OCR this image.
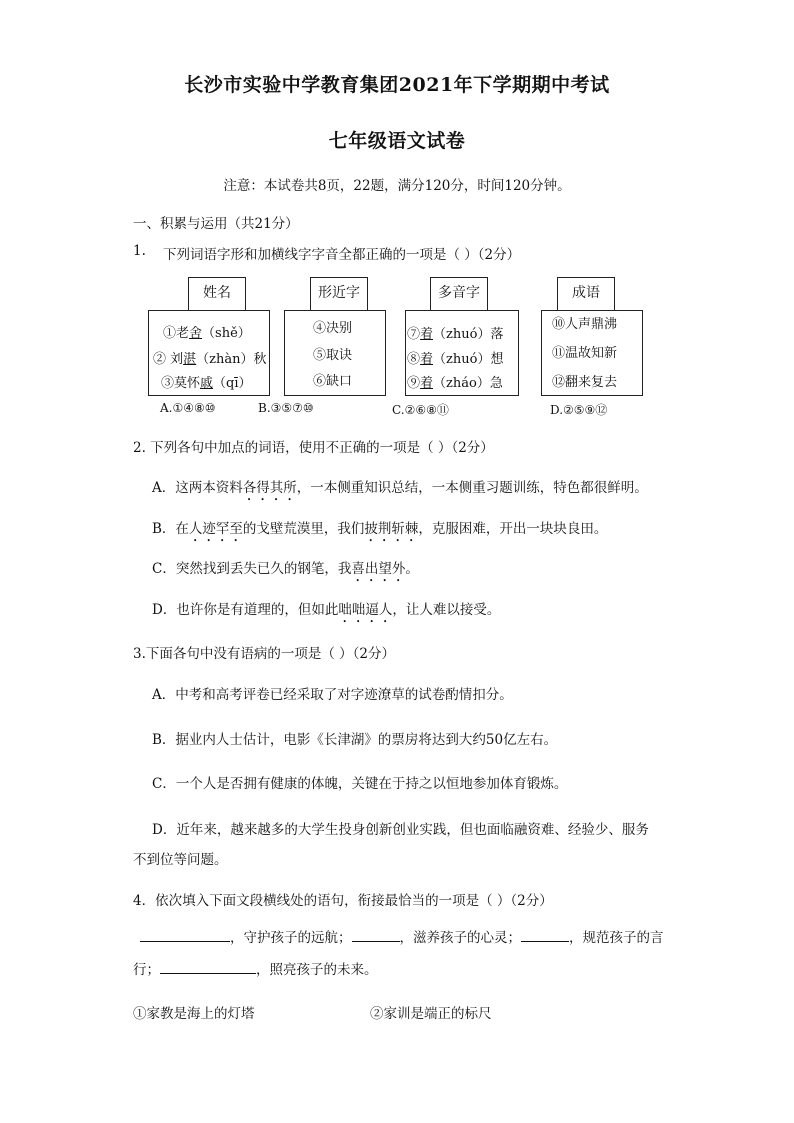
长沙市实验中学教育集团2021年下学期期中考试
七年级语文试卷
注意：本试卷共8页，22题，满分120分，时间120分钟。
一、积累与运用（共21分）
1. 下列词语字形和加横线字字音全都正确的一项是（ ）（2分）
姓名	形近字	多音字	成语
①老舍（shě）
② 刘湛（zhàn）秋
③莫怀戚（qī）
④决别
⑤取诀
⑥缺口
⑦着（zhuó）落
⑧着（zhuó）想
⑨着（zháo）急
⑩人声鼎沸
⑪温故知新
⑫翻来复去
A.①④⑧⑩	B.③⑤⑦⑩	C.②⑥⑧⑪	D.②⑤⑨⑫
2. 下列各句中加点的词语，使用不正确的一项是（ ）（2分）
A．这两本资料各得其所，一本侧重知识总结，一本侧重习题训练，特色都很鲜明。
B．在人迹罕至的戈壁荒漠里，我们披荆斩棘，克服困难，开出一块块良田。
C．突然找到丢失已久的钢笔，我喜出望外。
D．也许你是有道理的，但如此咄咄逼人，让人难以接受。
3.下面各句中没有语病的一项是（ ）（2分）
A．中考和高考评卷已经采取了对字迹潦草的试卷酌情扣分。
B．据业内人士估计，电影《长津湖》的票房将达到大约50亿左右。
C．一个人是否拥有健康的体魄，关键在于持之以恒地参加体育锻炼。
D．近年来，越来越多的大学生投身创新创业实践，但也面临融资难、经验少、服务
不到位等问题。
4．依次填入下面文段横线处的语句，衔接最恰当的一项是（ ）（2分）
，守护孩子的远航；	，滋养孩子的心灵；	，规范孩子的言
行；	，照亮孩子的未来。
①家教是海上的灯塔	②家训是端正的标尺
